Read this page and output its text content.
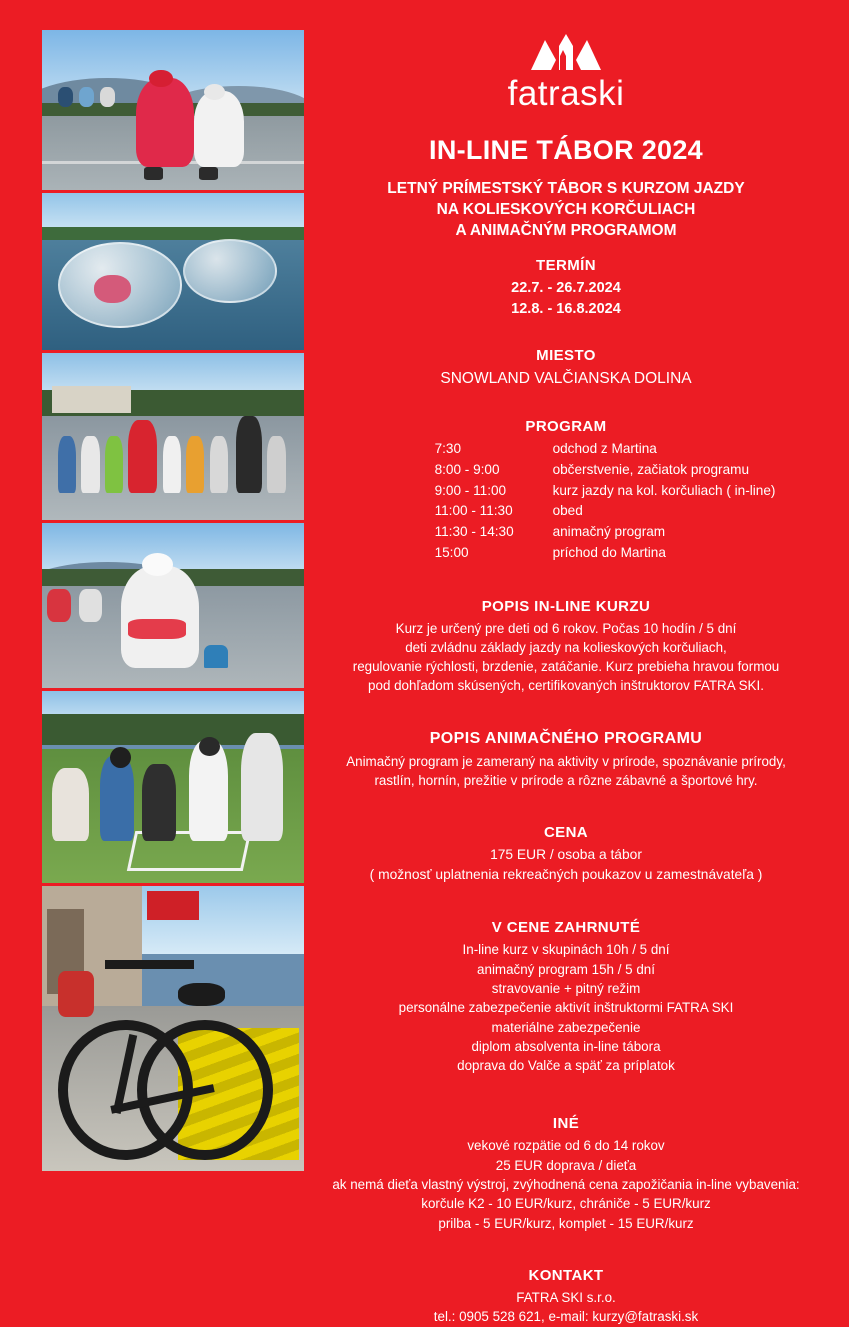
fatraski
IN-LINE TÁBOR 2024
LETNÝ PRÍMESTSKÝ TÁBOR S KURZOM JAZDY
NA KOLIESKOVÝCH KORČULIACH
A ANIMAČNÝM PROGRAMOM
TERMÍN
22.7. - 26.7.2024
12.8. - 16.8.2024
MIESTO
SNOWLAND VALČIANSKA DOLINA
PROGRAM
7:30	odchod z Martina
8:00 - 9:00	občerstvenie, začiatok programu
9:00 - 11:00	kurz jazdy na kol. korčuliach ( in-line)
11:00 - 11:30	obed
11:30 - 14:30	animačný program
15:00	príchod do Martina
POPIS IN-LINE KURZU
Kurz je určený pre deti od 6 rokov. Počas 10 hodín / 5 dní
deti zvládnu základy jazdy na kolieskových korčuliach,
regulovanie rýchlosti, brzdenie, zatáčanie. Kurz prebieha hravou formou
pod dohľadom skúsených, certifikovaných inštruktorov FATRA SKI.
POPIS ANIMAČNÉHO PROGRAMU
Animačný program je zameraný na aktivity v prírode, spoznávanie prírody,
rastlín, hornín, prežitie v prírode a rôzne zábavné a športové hry.
CENA
175 EUR / osoba a tábor
( možnosť uplatnenia rekreačných poukazov u zamestnávateľa )
V CENE ZAHRNUTÉ
In-line kurz v skupinách 10h / 5 dní
animačný program 15h / 5 dní
stravovanie + pitný režim
personálne zabezpečenie aktivít inštruktormi FATRA SKI
materiálne zabezpečenie
diplom absolventa in-line tábora
doprava do Valče a späť za príplatok
INÉ
vekové rozpätie od 6 do 14 rokov
25 EUR doprava / dieťa
ak nemá dieťa vlastný výstroj, zvýhodnená cena zapožičania in-line vybavenia:
korčule K2 - 10 EUR/kurz, chrániče - 5 EUR/kurz
prilba - 5 EUR/kurz, komplet - 15 EUR/kurz
KONTAKT
FATRA SKI s.r.o.
tel.: 0905 528 621, e-mail: kurzy@fatraski.sk
